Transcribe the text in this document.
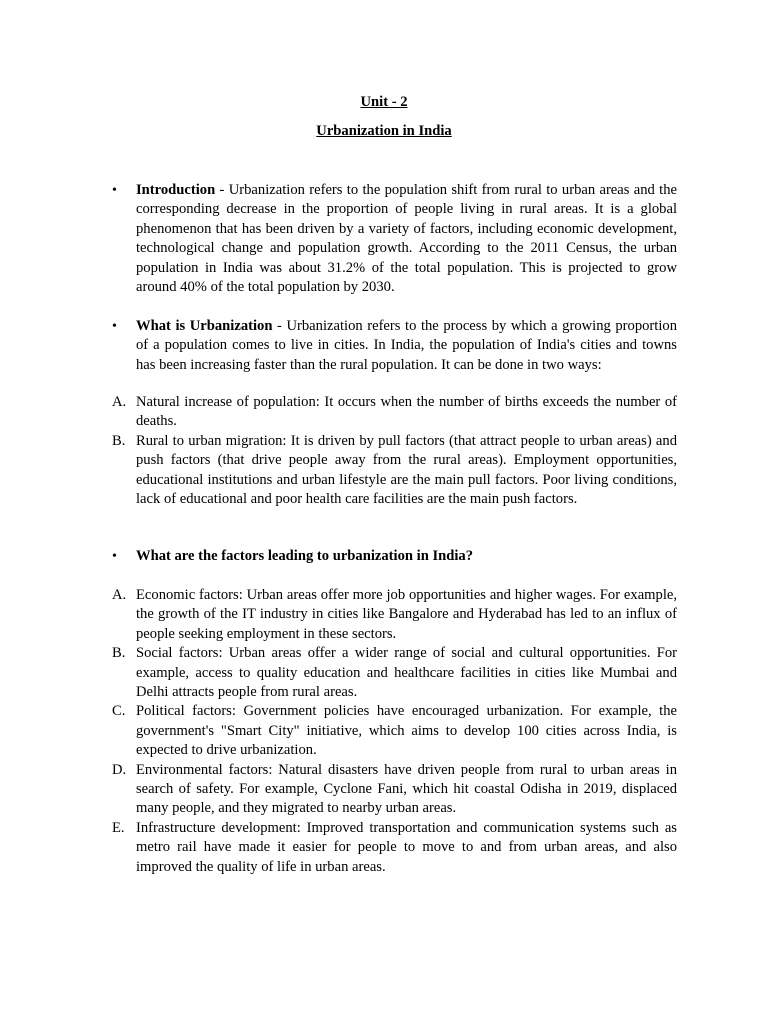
Unit - 2
Urbanization in India
• Introduction - Urbanization refers to the population shift from rural to urban areas and the corresponding decrease in the proportion of people living in rural areas. It is a global phenomenon that has been driven by a variety of factors, including economic development, technological change and population growth. According to the 2011 Census, the urban population in India was about 31.2% of the total population. This is projected to grow around 40% of the total population by 2030.

• What is Urbanization - Urbanization refers to the process by which a growing proportion of a population comes to live in cities. In India, the population of India's cities and towns has been increasing faster than the rural population. It can be done in two ways:

A. Natural increase of population: It occurs when the number of births exceeds the number of deaths.

B. Rural to urban migration: It is driven by pull factors (that attract people to urban areas) and push factors (that drive people away from the rural areas). Employment opportunities, educational institutions and urban lifestyle are the main pull factors. Poor living conditions, lack of educational and poor health care facilities are the main push factors.

• What are the factors leading to urbanization in India?

A. Economic factors: Urban areas offer more job opportunities and higher wages. For example, the growth of the IT industry in cities like Bangalore and Hyderabad has led to an influx of people seeking employment in these sectors.

B. Social factors: Urban areas offer a wider range of social and cultural opportunities. For example, access to quality education and healthcare facilities in cities like Mumbai and Delhi attracts people from rural areas.

C. Political factors: Government policies have encouraged urbanization. For example, the government's "Smart City" initiative, which aims to develop 100 cities across India, is expected to drive urbanization.

D. Environmental factors: Natural disasters have driven people from rural to urban areas in search of safety. For example, Cyclone Fani, which hit coastal Odisha in 2019, displaced many people, and they migrated to nearby urban areas.

E. Infrastructure development: Improved transportation and communication systems such as metro rail have made it easier for people to move to and from urban areas, and also improved the quality of life in urban areas.
